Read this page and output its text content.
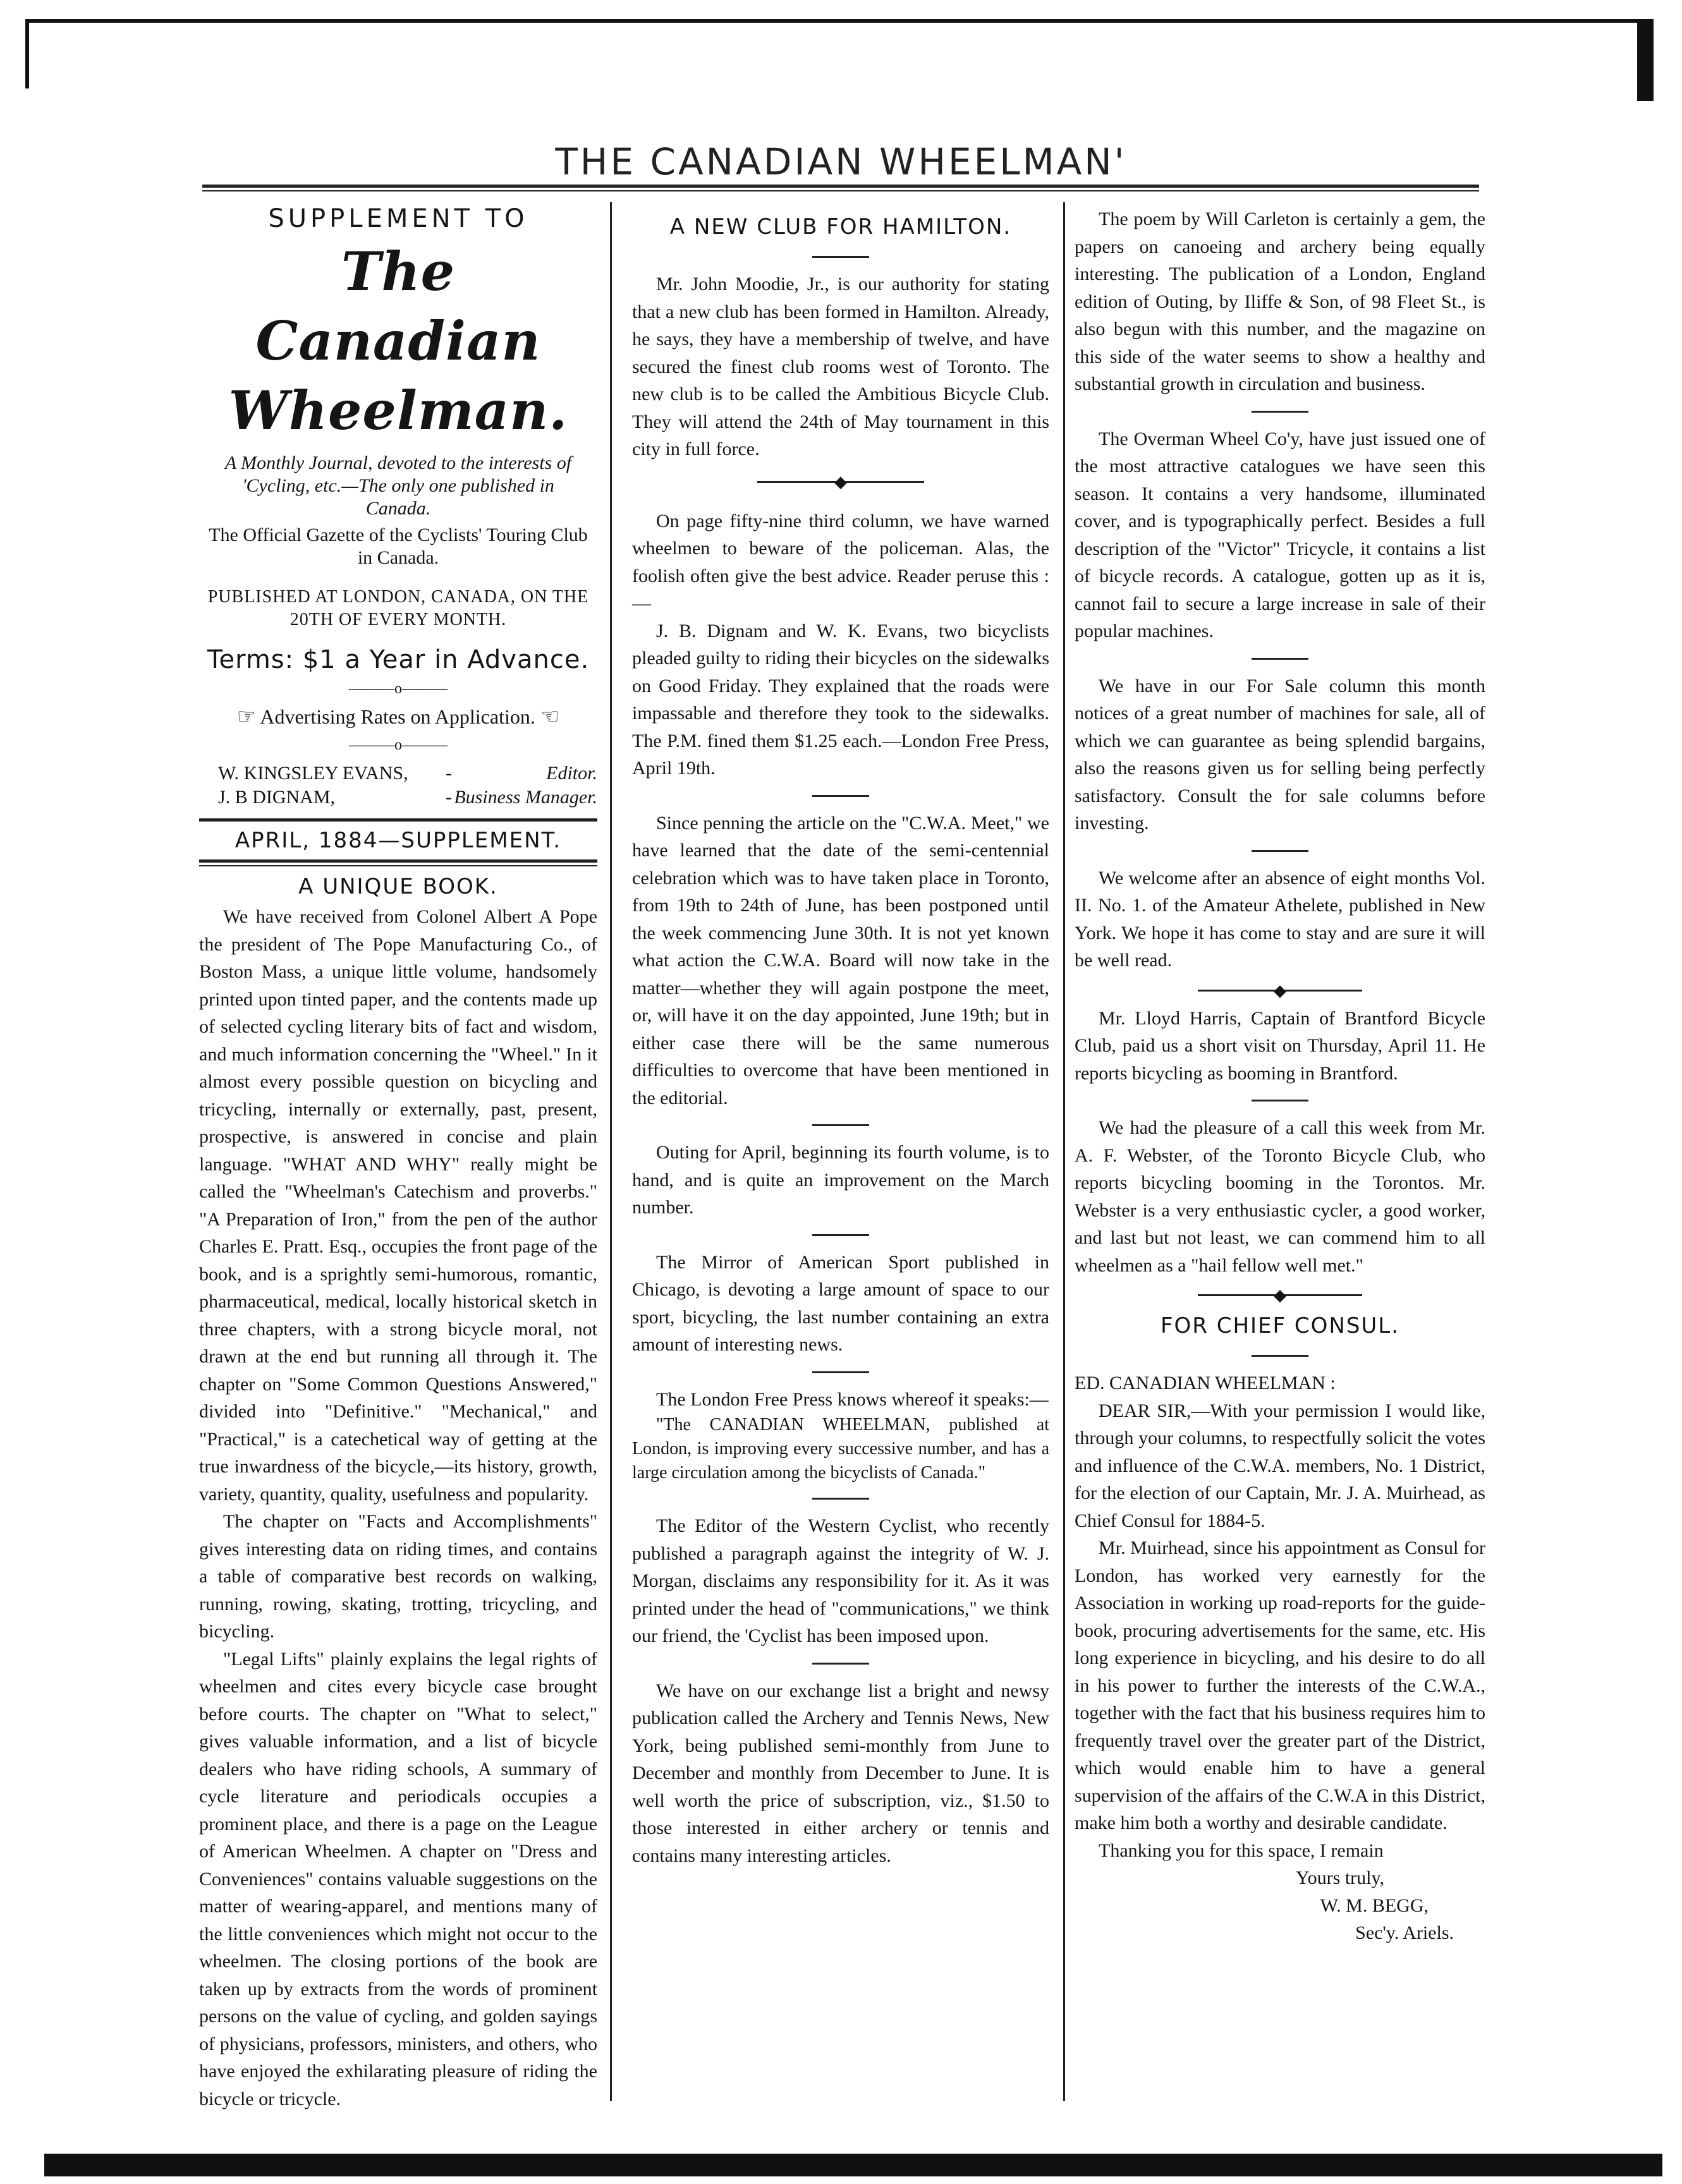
THE CANADIAN WHEELMAN'
SUPPLEMENT TO
The Canadian Wheelman.
A Monthly Journal, devoted to the interests of 'Cycling, etc.—The only one published in Canada.
The Official Gazette of the Cyclists' Touring Club in Canada.
PUBLISHED AT LONDON, CANADA, ON THE 20TH OF EVERY MONTH.
Terms: $1 a Year in Advance.
———o———
☞ Advertising Rates on Application. ☜
———o———
W. KINGSLEY EVANS, -	Editor.
J. B DIGNAM,	- Business Manager.
APRIL, 1884—SUPPLEMENT.
A UNIQUE BOOK.

We have received from Colonel Albert A Pope the president of The Pope Manufacturing Co., of Boston Mass, a unique little volume, handsomely printed upon tinted paper, and the contents made up of selected cycling literary bits of fact and wisdom, and much information concerning the "Wheel." In it almost every possible question on bicycling and tricycling, internally or externally, past, present, prospective, is answered in concise and plain language. "WHAT AND WHY" really might be called the "Wheelman's Catechism and proverbs." "A Preparation of Iron," from the pen of the author Charles E. Pratt. Esq., occupies the front page of the book, and is a sprightly semi-humorous, romantic, pharmaceutical, medical, locally historical sketch in three chapters, with a strong bicycle moral, not drawn at the end but running all through it. The chapter on "Some Common Questions Answered," divided into "Definitive." "Mechanical," and "Practical," is a catechetical way of getting at the true inwardness of the bicycle,—its history, growth, variety, quantity, quality, usefulness and popularity.

The chapter on "Facts and Accomplishments" gives interesting data on riding times, and contains a table of comparative best records on walking, running, rowing, skating, trotting, tricycling, and bicycling.

"Legal Lifts" plainly explains the legal rights of wheelmen and cites every bicycle case brought before courts. The chapter on "What to select," gives valuable information, and a list of bicycle dealers who have riding schools, A summary of cycle literature and periodicals occupies a prominent place, and there is a page on the League of American Wheelmen. A chapter on "Dress and Conveniences" contains valuable suggestions on the matter of wearing-apparel, and mentions many of the little conveniences which might not occur to the wheelmen. The closing portions of the book are taken up by extracts from the words of prominent persons on the value of cycling, and golden sayings of physicians, professors, ministers, and others, who have enjoyed the exhilarating pleasure of riding the bicycle or tricycle.

A NEW CLUB FOR HAMILTON.

Mr. John Moodie, Jr., is our authority for stating that a new club has been formed in Hamilton. Already, he says, they have a membership of twelve, and have secured the finest club rooms west of Toronto. The new club is to be called the Ambitious Bicycle Club. They will attend the 24th of May tournament in this city in full force.

◆

On page fifty-nine third column, we have warned wheelmen to beware of the policeman. Alas, the foolish often give the best advice. Reader peruse this :—

J. B. Dignam and W. K. Evans, two bicyclists pleaded guilty to riding their bicycles on the sidewalks on Good Friday. They explained that the roads were impassable and therefore they took to the sidewalks. The P.M. fined them $1.25 each.—London Free Press, April 19th.

Since penning the article on the "C.W.A. Meet," we have learned that the date of the semi-centennial celebration which was to have taken place in Toronto, from 19th to 24th of June, has been postponed until the week commencing June 30th. It is not yet known what action the C.W.A. Board will now take in the matter—whether they will again postpone the meet, or, will have it on the day appointed, June 19th; but in either case there will be the same numerous difficulties to overcome that have been mentioned in the editorial.

Outing for April, beginning its fourth volume, is to hand, and is quite an improvement on the March number.

The Mirror of American Sport published in Chicago, is devoting a large amount of space to our sport, bicycling, the last number containing an extra amount of interesting news.

The London Free Press knows whereof it speaks:—

"The CANADIAN WHEELMAN, published at London, is improving every successive number, and has a large circulation among the bicyclists of Canada."

The Editor of the Western Cyclist, who recently published a paragraph against the integrity of W. J. Morgan, disclaims any responsibility for it. As it was printed under the head of "communications," we think our friend, the 'Cyclist has been imposed upon.

We have on our exchange list a bright and newsy publication called the Archery and Tennis News, New York, being published semi-monthly from June to December and monthly from December to June. It is well worth the price of subscription, viz., $1.50 to those interested in either archery or tennis and contains many interesting articles.

The poem by Will Carleton is certainly a gem, the papers on canoeing and archery being equally interesting. The publication of a London, England edition of Outing, by Iliffe & Son, of 98 Fleet St., is also begun with this number, and the magazine on this side of the water seems to show a healthy and substantial growth in circulation and business.

The Overman Wheel Co'y, have just issued one of the most attractive catalogues we have seen this season. It contains a very handsome, illuminated cover, and is typographically perfect. Besides a full description of the "Victor" Tricycle, it contains a list of bicycle records. A catalogue, gotten up as it is, cannot fail to secure a large increase in sale of their popular machines.

We have in our For Sale column this month notices of a great number of machines for sale, all of which we can guarantee as being splendid bargains, also the reasons given us for selling being perfectly satisfactory. Consult the for sale columns before investing.

We welcome after an absence of eight months Vol. II. No. 1. of the Amateur Athelete, published in New York. We hope it has come to stay and are sure it will be well read.

◆

Mr. Lloyd Harris, Captain of Brantford Bicycle Club, paid us a short visit on Thursday, April 11. He reports bicycling as booming in Brantford.

We had the pleasure of a call this week from Mr. A. F. Webster, of the Toronto Bicycle Club, who reports bicycling booming in the Torontos. Mr. Webster is a very enthusiastic cycler, a good worker, and last but not least, we can commend him to all wheelmen as a "hail fellow well met."

◆
FOR CHIEF CONSUL.

ED. CANADIAN WHEELMAN :

DEAR SIR,—With your permission I would like, through your columns, to respectfully solicit the votes and influence of the C.W.A. members, No. 1 District, for the election of our Captain, Mr. J. A. Muirhead, as Chief Consul for 1884-5.

Mr. Muirhead, since his appointment as Consul for London, has worked very earnestly for the Association in working up road-reports for the guide-book, procuring advertisements for the same, etc. His long experience in bicycling, and his desire to do all in his power to further the interests of the C.W.A., together with the fact that his business requires him to frequently travel over the greater part of the District, which would enable him to have a general supervision of the affairs of the C.W.A in this District, make him both a worthy and desirable candidate.

Thanking you for this space, I remain

Yours truly,

W. M. BEGG,

Sec'y. Ariels.
